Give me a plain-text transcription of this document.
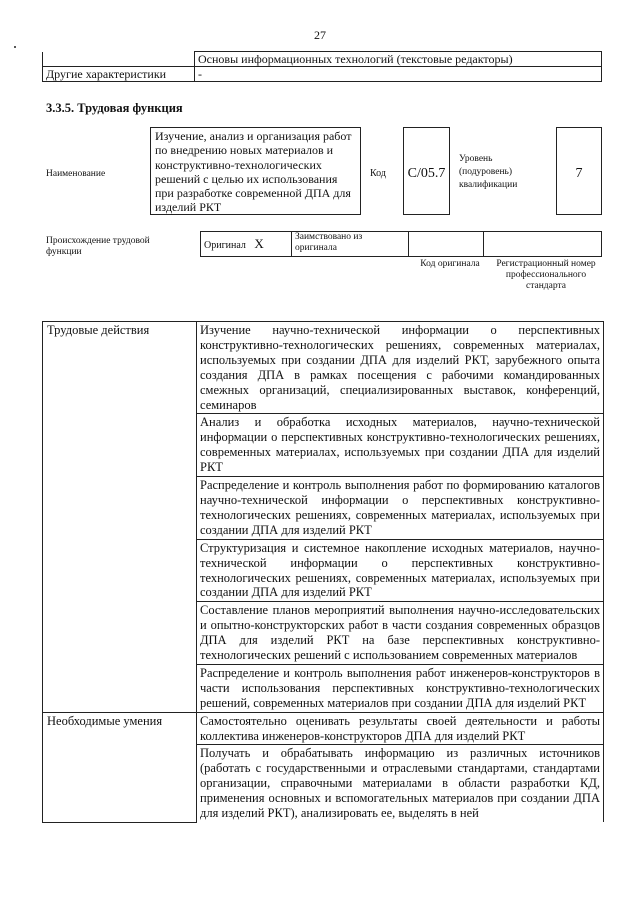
27
	Основы информационных технологий (текстовые редакторы)
Другие характеристики	-
3.3.5. Трудовая функция
Наименование
Изучение, анализ и организация работ по внедрению новых материалов и конструктивно-технологических решений с целью их использования при разработке современной ДПА для изделий РКТ
Код	C/05.7
Уровень (подуровень) квалификации
7
Происхождение трудовой функции
Оригинал X	Заимствовано из оригинала		
Код оригинала	Регистрационный номер профессионального стандарта
Трудовые действия	Изучение научно-технической информации о перспективных конструктивно-технологических решениях, современных материалах, используемых при создании ДПА для изделий РКТ, зарубежного опыта создания ДПА в рамках посещения с рабочими командированных смежных организаций, специализированных выставок, конференций, семинаров
	Анализ и обработка исходных материалов, научно-технической информации о перспективных конструктивно-технологических решениях, современных материалах, используемых при создании ДПА для изделий РКТ
	Распределение и контроль выполнения работ по формированию каталогов научно-технической информации о перспективных конструктивно-технологических решениях, современных материалах, используемых при создании ДПА для изделий РКТ
	Структуризация и системное накопление исходных материалов, научно-технической информации о перспективных конструктивно-технологических решениях, современных материалах, используемых при создании ДПА для изделий РКТ
	Составление планов мероприятий выполнения научно-исследовательских и опытно-конструкторских работ в части создания современных образцов ДПА для изделий РКТ на базе перспективных конструктивно-технологических решений с использованием современных материалов
	Распределение и контроль выполнения работ инженеров-конструкторов в части использования перспективных конструктивно-технологических решений, современных материалов при создании ДПА для изделий РКТ
Необходимые умения	Самостоятельно оценивать результаты своей деятельности и работы коллектива инженеров-конструкторов ДПА для изделий РКТ
	Получать и обрабатывать информацию из различных источников (работать с государственными и отраслевыми стандартами, стандартами организации, справочными материалами в области разработки КД, применения основных и вспомогательных материалов при создании ДПА для изделий РКТ), анализировать ее, выделять в ней
